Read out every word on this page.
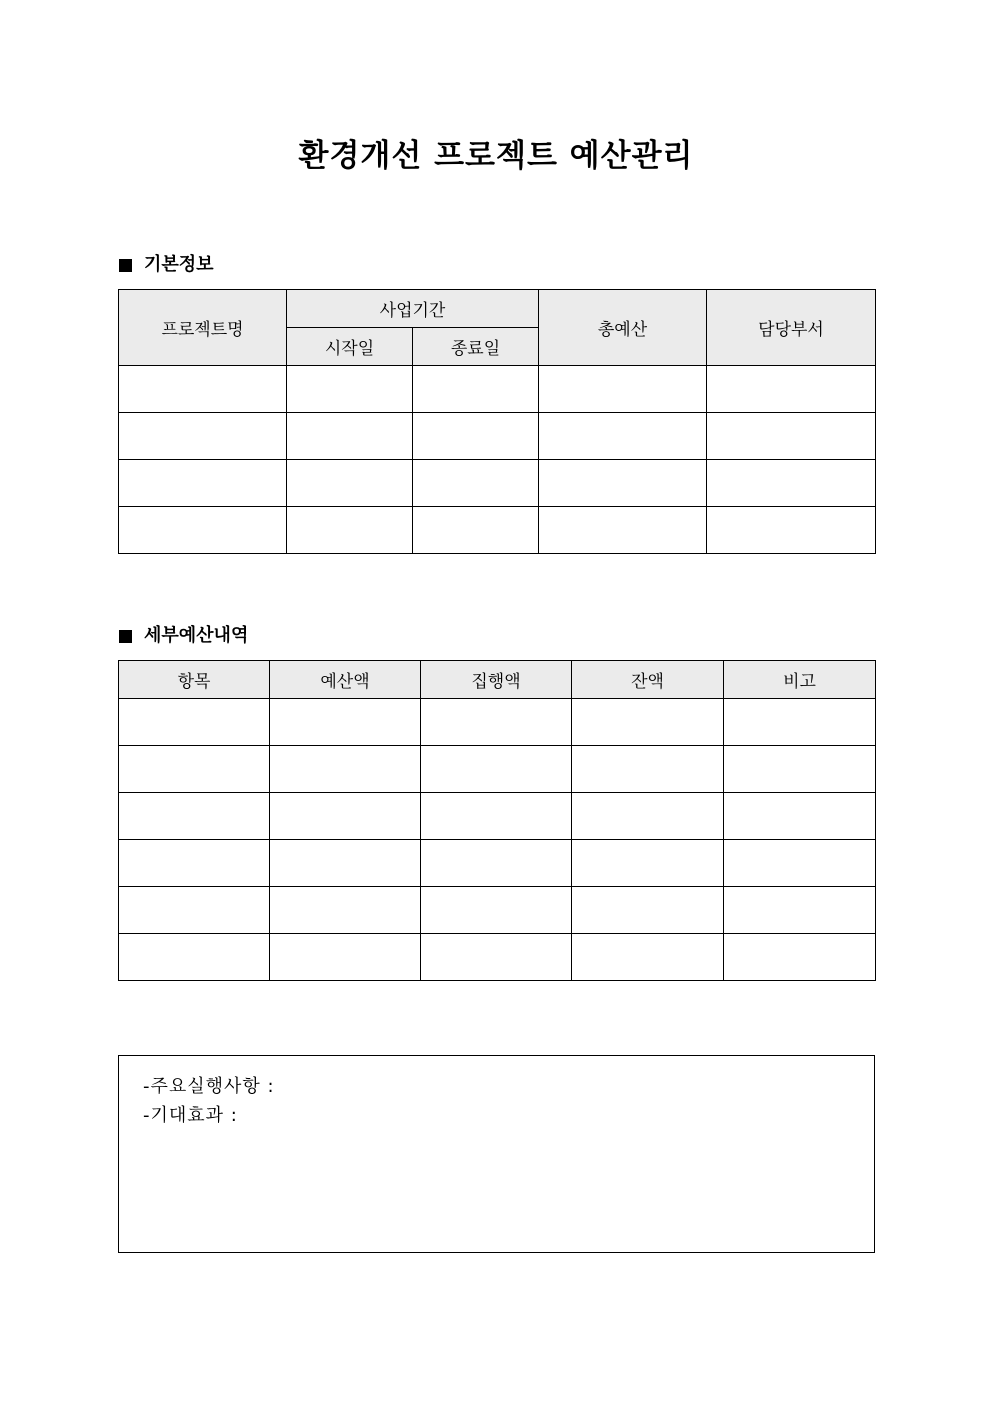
환경개선 프로젝트 예산관리
기본정보
프로젝트명	사업기간		총예산	담당부서
	시작일	종료일		

세부예산내역
항목	예산액	집행액	잔액	비고

-주요실행사항 :
-기대효과 :
